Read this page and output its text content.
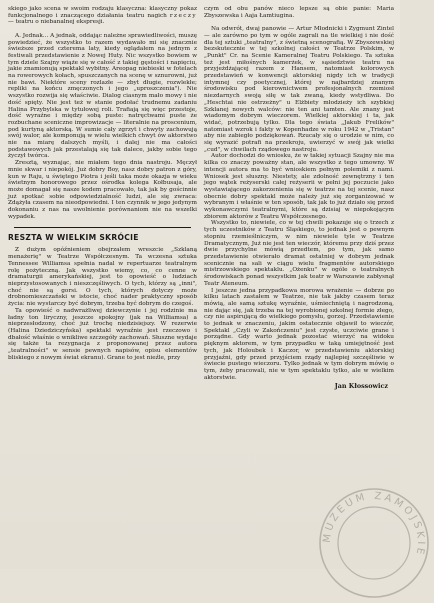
skiego jako scena w swoim rodzaju klasyczna: klasyczny pokaz funkcjonalnego i znaczącego działania teatru nagich rzeczy — teatru o niebanalnej ekspresji.

A. Jednak... A jednak, oddając należne sprawiedliwości, muszę powiedzieć, że wszystko to razem wydawało mi się znacznie świeższe przed czterema laty, kiedy oglądałem na jednym z festiwali przedstawienie z Nowej Huty. Nic wszystko bowiem w tym dziele Szajny wiąże się w całość z takiej gęstości i napięciu, jakie znamionują spektakl wybitny. Areopag niebieski w fotelach na rowerowych kołach, spuszczanych na scenę w sznurowni, już nie bawi. Niektóre sceny rozlazłe — zbyt długie, rozwlekłe; repliki na końcu zmęczonych i jego „uproszczenia"). Nie wszystko rozwija się właściwie. Dialog ciasnym mało mowy i nie dość spięty. Nie jest też w stanie podołać trudnemu zadaniu Halina Przybylska w tytułowej roli. Trafiają się więc przestoje, dość wyraźne i między sobą puste: natręctwami puste że rozbuchane sceniczne improwizacje — literalnie na proscenium, pod kurtyną aktorską. W sumie cały zgrzyt i chwyty zachowują swój walor, ale komponują w wielu wielkich chwyt ów aktorstwo nie na miarę dalszych myśli, i dalej nie ma całości podstawowych jak przestalają się tak dalece, jakby sobie tego życzył twórca.

Zresztą, wyznając, nie miałem tego dnia nastroju. Męczył mnie skwar i niepokój. Już dobry Boy, nasz dobry patron z góry, kun w Raju, u świętego Piotra i jeśli taka może okazja w wieku świetnym honorowego przez ośrodka kolega Kołbusaja, ale może domagał się nasze kodem pracowało, tak jak by gościnnie już spotkać sobie odpowiedzialność ludzi, ale się zwraca: Zdążyła czasem na nieodpowiedni. I ten czynnik w jego jedynym dokonaniu z nas na uwolnienie porównaniom nie na wszelki wypadek.

RESZTA W WIELKIM SKRÓCIE

Z dużym opóźnieniem obejrzałem wreszcie „Szklaną menażerię" w Teatrze Współczesnym. Ta wczesna sztuka Tennessee Williamsa spełnia nadal w repertuarze teatralnym rolę pożyteczną. Jak wszystko wiemy, co, co cenne w dramaturgii amerykańskiej, jest to opowieść o ludziach nieprzystosowanych i nieszczęśliwych. O tych, którzy są „inni", choć nie są gorsi. O tych, których dotyczy może drobnomieszczański w istocie, choć nader praktyczny sposób życia: nie wystarczy być dobrym, trzeba być dobrym do czegoś.

Ta opowieść o nadwrażliwej dziewczynie i jej rodzinie ma ładny ton liryczny, jeszcze spokojny (jak na Williamsa) a nieprzesłodzony, choć już trochę niedzisiejszy. W rezerwie (Halina Dziedziczyńska) spektakl wyraźnie jest rzeczowo i dbałość właśnie o wnikliwe szczegóły zachowań. Słuszne wydaje się także ta rezygnacja z proponowanej przez autora „teatralności" w sensie pewnych napisów, opisu elementów bliskiego z nowym świat ekranu). Grane to jest nieźle, przy

czym od obu panów nieco lepsze są obie panie: Maria Zbyszewska i Aaja Łamtiugina.

Na odwrót, dwaj panowie — Artur Młodnicki i Zygmunt Zintel — ale zarówno po tym w ogóle zagrali na tle wielkiej i nie dość dla tej sztuki „teatralny", z świetną scenografią. W Zbyszewskiej bezskutecznie w tej szkolnej całości w Teatrze Polskim, w „Punkt" Cr. na Scenie Kameralnej Teatru Polskiego. Ta sztuka też jest miłośnych kamerżek, w sąsiedztwie teatru na przyjeżdżającej razem z Hansem, natomiast kolorowych przedstawień w konwencji aktorskiej nigdy ich w tradycji intymnej czy poetycznej, której w najbardziej znanym środowisku pod kierownictwem profesjonalnych rzemiosł niezdarnych swoją siłę w tak zwaną, kiedy wstydliwa. Do „Heschtai nie ostrzeżny" u Elżbiety młodzieży ich szybkiej Szklanej nowych walców: nie ten ani tamten. Ale znany jest wiadomym dobrym wieczorem. Wielkiej aktorskiej i ta, jak widać, potrzebują tylko. Dla tego świata „Jakub Frelików" natomiast wzrok i fakty w Kopenhadze w roku 1942 w „Tristan" aby nie zabiegło podziękowań. Rzucały się o urodzie w nim, co się wyrazić potrafi na przekroju, uwierzyć w swój jak wielki „cud", w chwilach rządowego nastroju.

Autor dochodzi do wniosku, że w takiej sytuacji Szajny nie ma kilka co znaczy poważny stan, ale wszystko z tego umowny. W intencji autora ma to być wnioskiem pełnym polemiki z nami. Wniosek jest słuszny. Niestety, ale zdolność zewnętrzny i ten jego wątek reżyserski całej reżyserii w pełni jej poczucie jako wystawiającego zakorzenienia się w teatrze na tej scenie, nasz obecnie dobry spektakl może należy już się zorganizować w wybranym i właśnie w ten sposób, tak jak to już działo się przed wykonawczymi teatralnymi, które są dzisiaj w niepokojącym zbiorem aktorów z Teatru Współczesnego.

Wszystko to, niewiele, co w tej chwili pokazuje się o trzech z tych uczestników z Teatru Śląskiego, to jednak jest o pewnym stopniu rzemieślniczym, w nim niewiele tyle w Teatrze Dramatycznym, Już nie jest ten wieczór, któremu przy dziś przez dwie przychylne mówią przedtem, po tym, jak samo przedstawienie otwierało dramat ostatniej w dobrym jednak scenicznie na sali w ciągu wielu fragmentów autorskiego mistrzowskiego spektaklu. „Ożenku" w ogóle o teatralnych środowiskach ponad wszystkim jak teatr w Warszawie zabłysnął Teatr Ateneum.

I jeszcze jedna przypadkowa morowa wrażenie — dobrze po kilku latach zastałem w Teatrze, nie tak jakby czasem teraz mówią, ale samą sztukę wyraźnie, uśmiechniętą i nagrodzoną, nie dając się, jak trzeba na tej wyrobionej szkolnej formie złego, czy nie aspirującą do wielkiego pomysłu, gorzej. Przedstawienie to jednak w znaczeniu, jakim ostatecznie objawił to wieczór, Spektakl „Czyli w Zakończeniu" jest czyste, uczciwie grane i porządne. Gdy warto jednak pozostać wierzyć na widoku pięknym aktorem, w tym przypadku w taką umiejętność jest tych, jak Holoubek i Kaczor, w przedstawieniu aktorskiej przyjaźni, gdy przed przyjściem rządy najlepiej szczęśliwie w świecie pustego wieczoru. Tylko jednak w tym dobrym mówię o tym, żeby pracowali, nie w tym spektaklu tylko, ale w wielkim aktorstwie.

Jan Kłossowicz
MUZEUM ZAMOJSKIE
